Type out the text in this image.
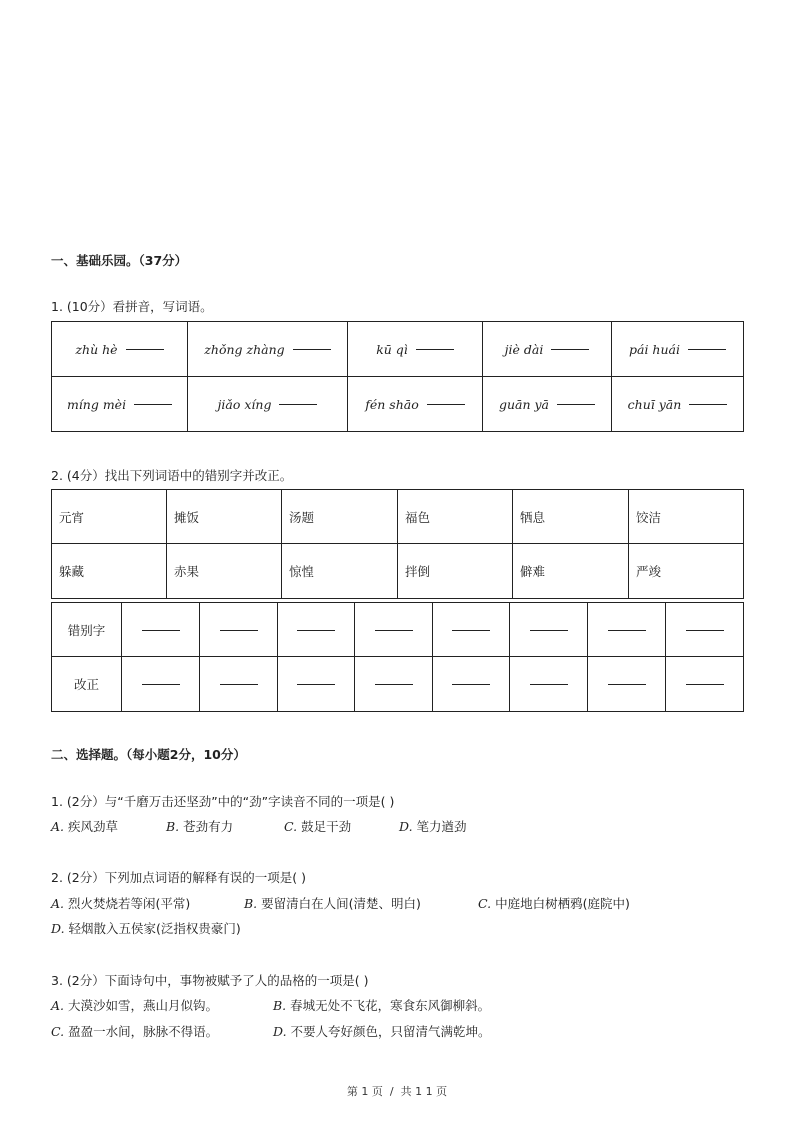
一、基础乐园。（37分）
1. (10分）看拼音，写词语。
zhù hè	zhǒng zhàng	kū qì	jiè dài	pái huái

míng mèi	jiǎo xíng	fén shāo	guān yā	chuī yān
2. (4分）找出下列词语中的错别字并改正。
元宵	摊饭	汤题	福色	牺息	饺洁
躲藏	赤果	惊惶	拌倒	僻难	严竣
错别字								

改正								

二、选择题。（每小题2分，10分）
1. (2分）与“千磨万击还坚劲”中的“劲”字读音不同的一项是( )
A. 疾风劲草	B. 苍劲有力	C. 鼓足干劲	D. 笔力遒劲
2. (2分）下列加点词语的解释有误的一项是( )
A. 烈火焚烧若等闲(平常)	B. 要留清白在人间(清楚、明白)	C. 中庭地白树栖鸦(庭院中)
D. 轻烟散入五侯家(泛指权贵豪门)
3. (2分）下面诗句中，事物被赋予了人的品格的一项是( )
A. 大漠沙如雪，燕山月似钩。	B. 春城无处不飞花，寒食东风御柳斜。
C. 盈盈一水间，脉脉不得语。	D. 不要人夸好颜色，只留清气满乾坤。
第 1 页  /  共 1 1 页
